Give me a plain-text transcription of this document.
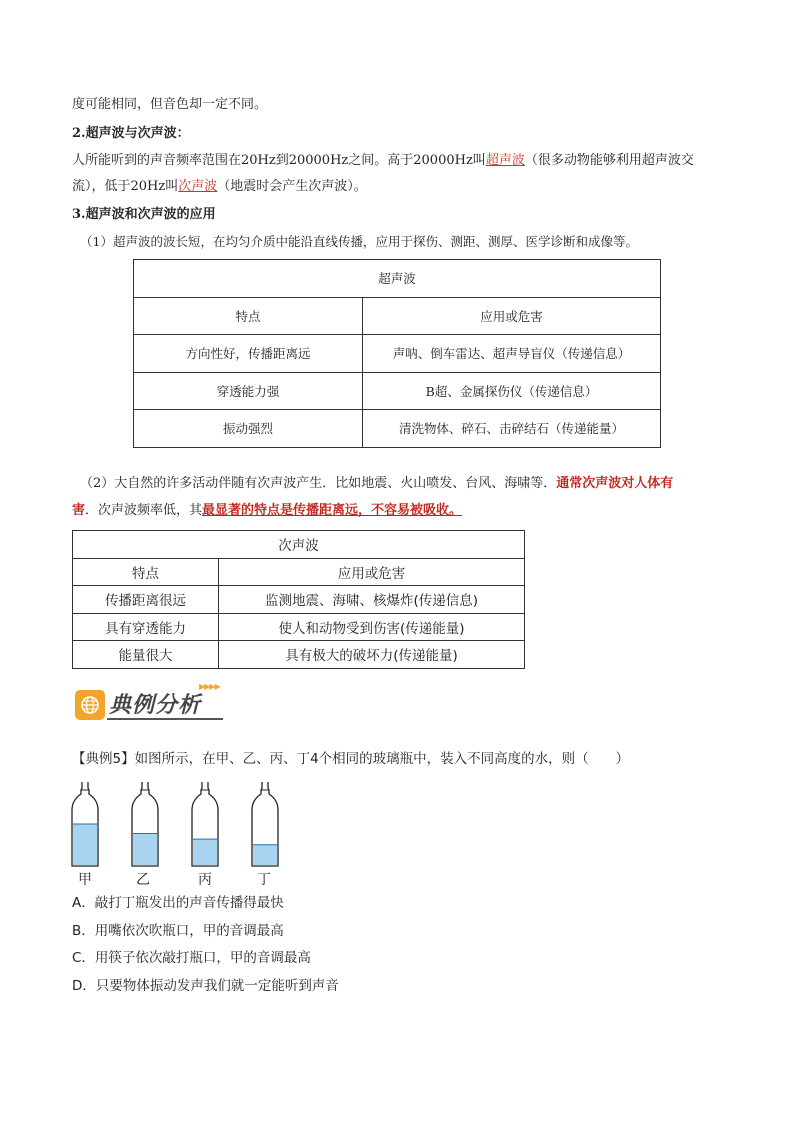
度可能相同，但音色却一定不同。
2.超声波与次声波：
人所能听到的声音频率范围在20Hz到20000Hz之间。高于20000Hz叫超声波（很多动物能够利用超声波交
流），低于20Hz叫次声波（地震时会产生次声波）。
3.超声波和次声波的应用
（1）超声波的波长短，在均匀介质中能沿直线传播，应用于探伤、测距、测厚、医学诊断和成像等。
超声波	
特点	应用或危害
方向性好，传播距离远	声呐、倒车雷达、超声导盲仪（传递信息）
穿透能力强	B超、金属探伤仪（传递信息）
振动强烈	清洗物体、碎石、击碎结石（传递能量）
（2）大自然的许多活动伴随有次声波产生．比如地震、火山喷发、台风、海啸等．通常次声波对人体有
害．次声波频率低，其最显著的特点是传播距离远，不容易被吸收。
次声波	
特点	应用或危害
传播距离很远	监测地震、海啸、核爆炸(传递信息)
具有穿透能力	使人和动物受到伤害(传递能量)
能量很大	具有极大的破坏力(传递能量)
典例分析
▶▶▶▶
【典例5】如图所示，在甲、乙、丙、丁4个相同的玻璃瓶中，装入不同高度的水，则（　　）
甲	乙	丙	丁
A．敲打丁瓶发出的声音传播得最快
B．用嘴依次吹瓶口，甲的音调最高
C．用筷子依次敲打瓶口，甲的音调最高
D．只要物体振动发声我们就一定能听到声音
